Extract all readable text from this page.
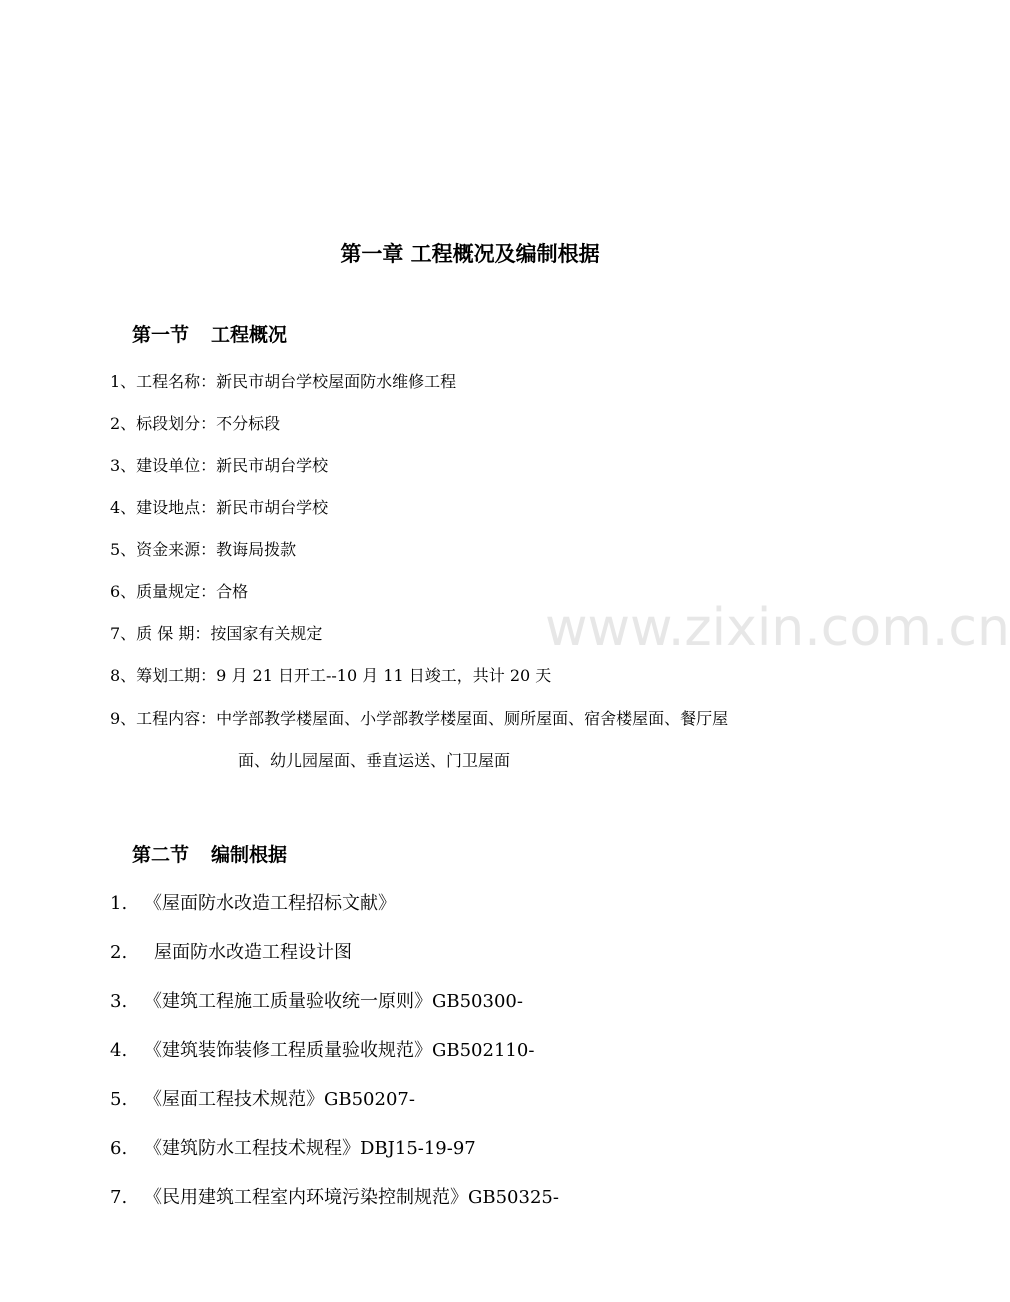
www.zixin.com.cn
第一章 工程概况及编制根据
第一节 工程概况
1、工程名称：新民市胡台学校屋面防水维修工程
2、标段划分：不分标段
3、建设单位：新民市胡台学校
4、建设地点：新民市胡台学校
5、资金来源：教诲局拨款
6、质量规定：合格
7、质 保 期：按国家有关规定
8、筹划工期：9 月 21 日开工--10 月 11 日竣工，共计 20 天
9、工程内容：中学部教学楼屋面、小学部教学楼屋面、厕所屋面、宿舍楼屋面、餐厅屋
面、幼儿园屋面、垂直运送、门卫屋面
第二节 编制根据
1. 《屋面防水改造工程招标文献》
2. 屋面防水改造工程设计图
3. 《建筑工程施工质量验收统一原则》GB50300-
4. 《建筑装饰装修工程质量验收规范》GB502110-
5. 《屋面工程技术规范》GB50207-
6. 《建筑防水工程技术规程》DBJ15-19-97
7. 《民用建筑工程室内环境污染控制规范》GB50325-
